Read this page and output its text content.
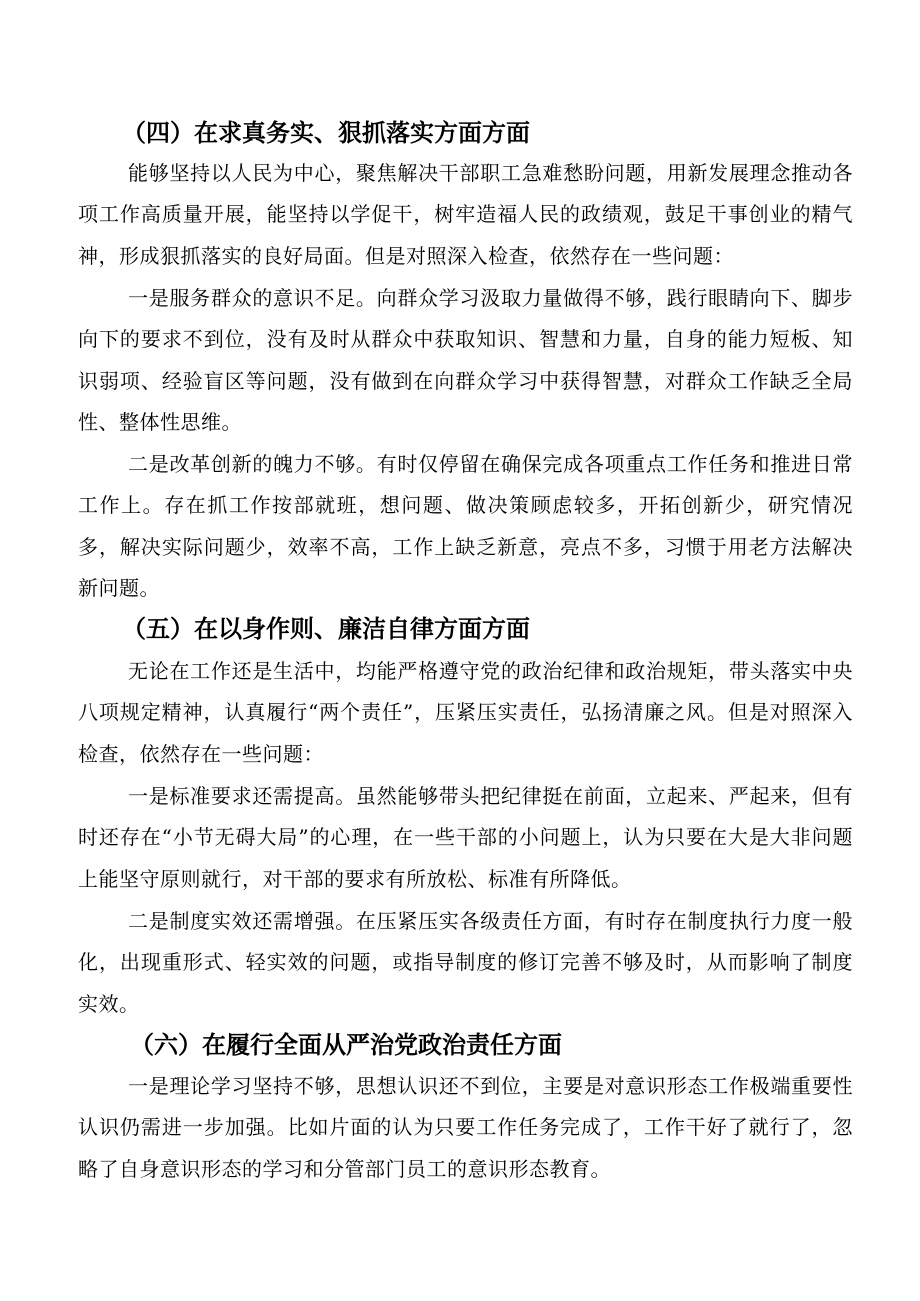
（四）在求真务实、狠抓落实方面方面

能够坚持以人民为中心，聚焦解决干部职工急难愁盼问题，用新发展理念推动各项工作高质量开展，能坚持以学促干，树牢造福人民的政绩观，鼓足干事创业的精气神，形成狠抓落实的良好局面。但是对照深入检查，依然存在一些问题：

一是服务群众的意识不足。向群众学习汲取力量做得不够，践行眼睛向下、脚步向下的要求不到位，没有及时从群众中获取知识、智慧和力量，自身的能力短板、知识弱项、经验盲区等问题，没有做到在向群众学习中获得智慧，对群众工作缺乏全局性、整体性思维。

二是改革创新的魄力不够。有时仅停留在确保完成各项重点工作任务和推进日常工作上。存在抓工作按部就班，想问题、做决策顾虑较多，开拓创新少，研究情况多，解决实际问题少，效率不高，工作上缺乏新意，亮点不多，习惯于用老方法解决新问题。

（五）在以身作则、廉洁自律方面方面

无论在工作还是生活中，均能严格遵守党的政治纪律和政治规矩，带头落实中央八项规定精神，认真履行“两个责任”，压紧压实责任，弘扬清廉之风。但是对照深入检查，依然存在一些问题：

一是标准要求还需提高。虽然能够带头把纪律挺在前面，立起来、严起来，但有时还存在“小节无碍大局”的心理，在一些干部的小问题上，认为只要在大是大非问题上能坚守原则就行，对干部的要求有所放松、标准有所降低。

二是制度实效还需增强。在压紧压实各级责任方面，有时存在制度执行力度一般化，出现重形式、轻实效的问题，或指导制度的修订完善不够及时，从而影响了制度实效。

（六）在履行全面从严治党政治责任方面

一是理论学习坚持不够，思想认识还不到位，主要是对意识形态工作极端重要性认识仍需进一步加强。比如片面的认为只要工作任务完成了，工作干好了就行了，忽略了自身意识形态的学习和分管部门员工的意识形态教育。
